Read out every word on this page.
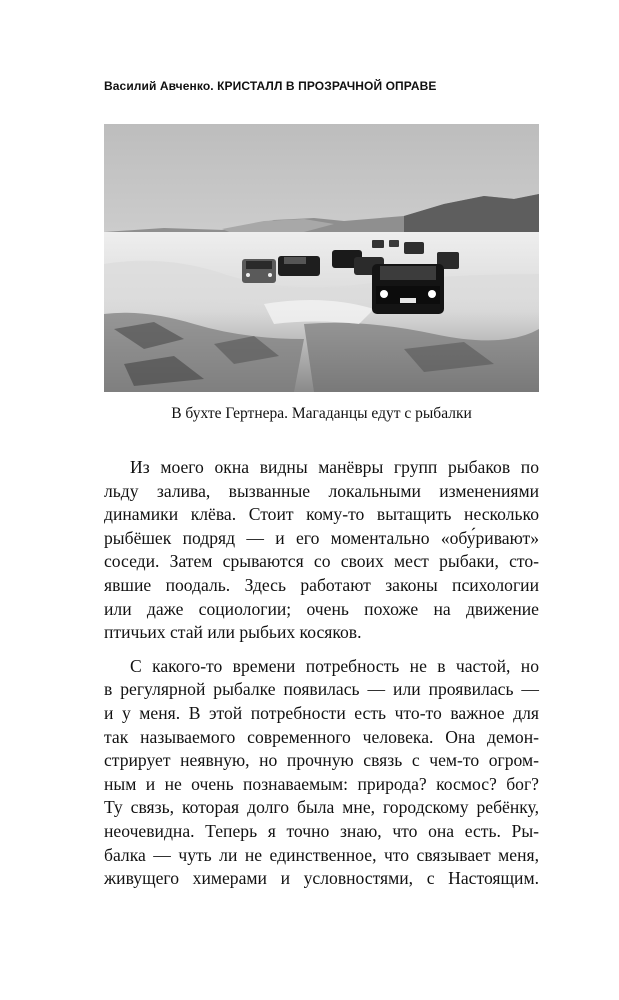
Василий Авченко. КРИСТАЛЛ В ПРОЗРАЧНОЙ ОПРАВЕ
В бухте Гертнера. Магаданцы едут с рыбалки
Из моего окна видны манёвры групп рыбаков по
льду залива, вызванные локальными изменениями
динамики клёва. Стоит кому-то вытащить несколько
рыбёшек подряд — и его моментально «обу́ривают»
соседи. Затем срываются со своих мест рыбаки, сто-
явшие поодаль. Здесь работают законы психологии
или даже социологии; очень похоже на движение
птичьих стай или рыбьих косяков.
С какого-то времени потребность не в частой, но
в регулярной рыбалке появилась — или проявилась —
и у меня. В этой потребности есть что-то важное для
так называемого современного человека. Она демон-
стрирует неявную, но прочную связь с чем-то огром-
ным и не очень познаваемым: природа? космос? бог?
Ту связь, которая долго была мне, городскому ребёнку,
неочевидна. Теперь я точно знаю, что она есть. Ры-
балка — чуть ли не единственное, что связывает меня,
живущего химерами и условностями, с Настоящим.
